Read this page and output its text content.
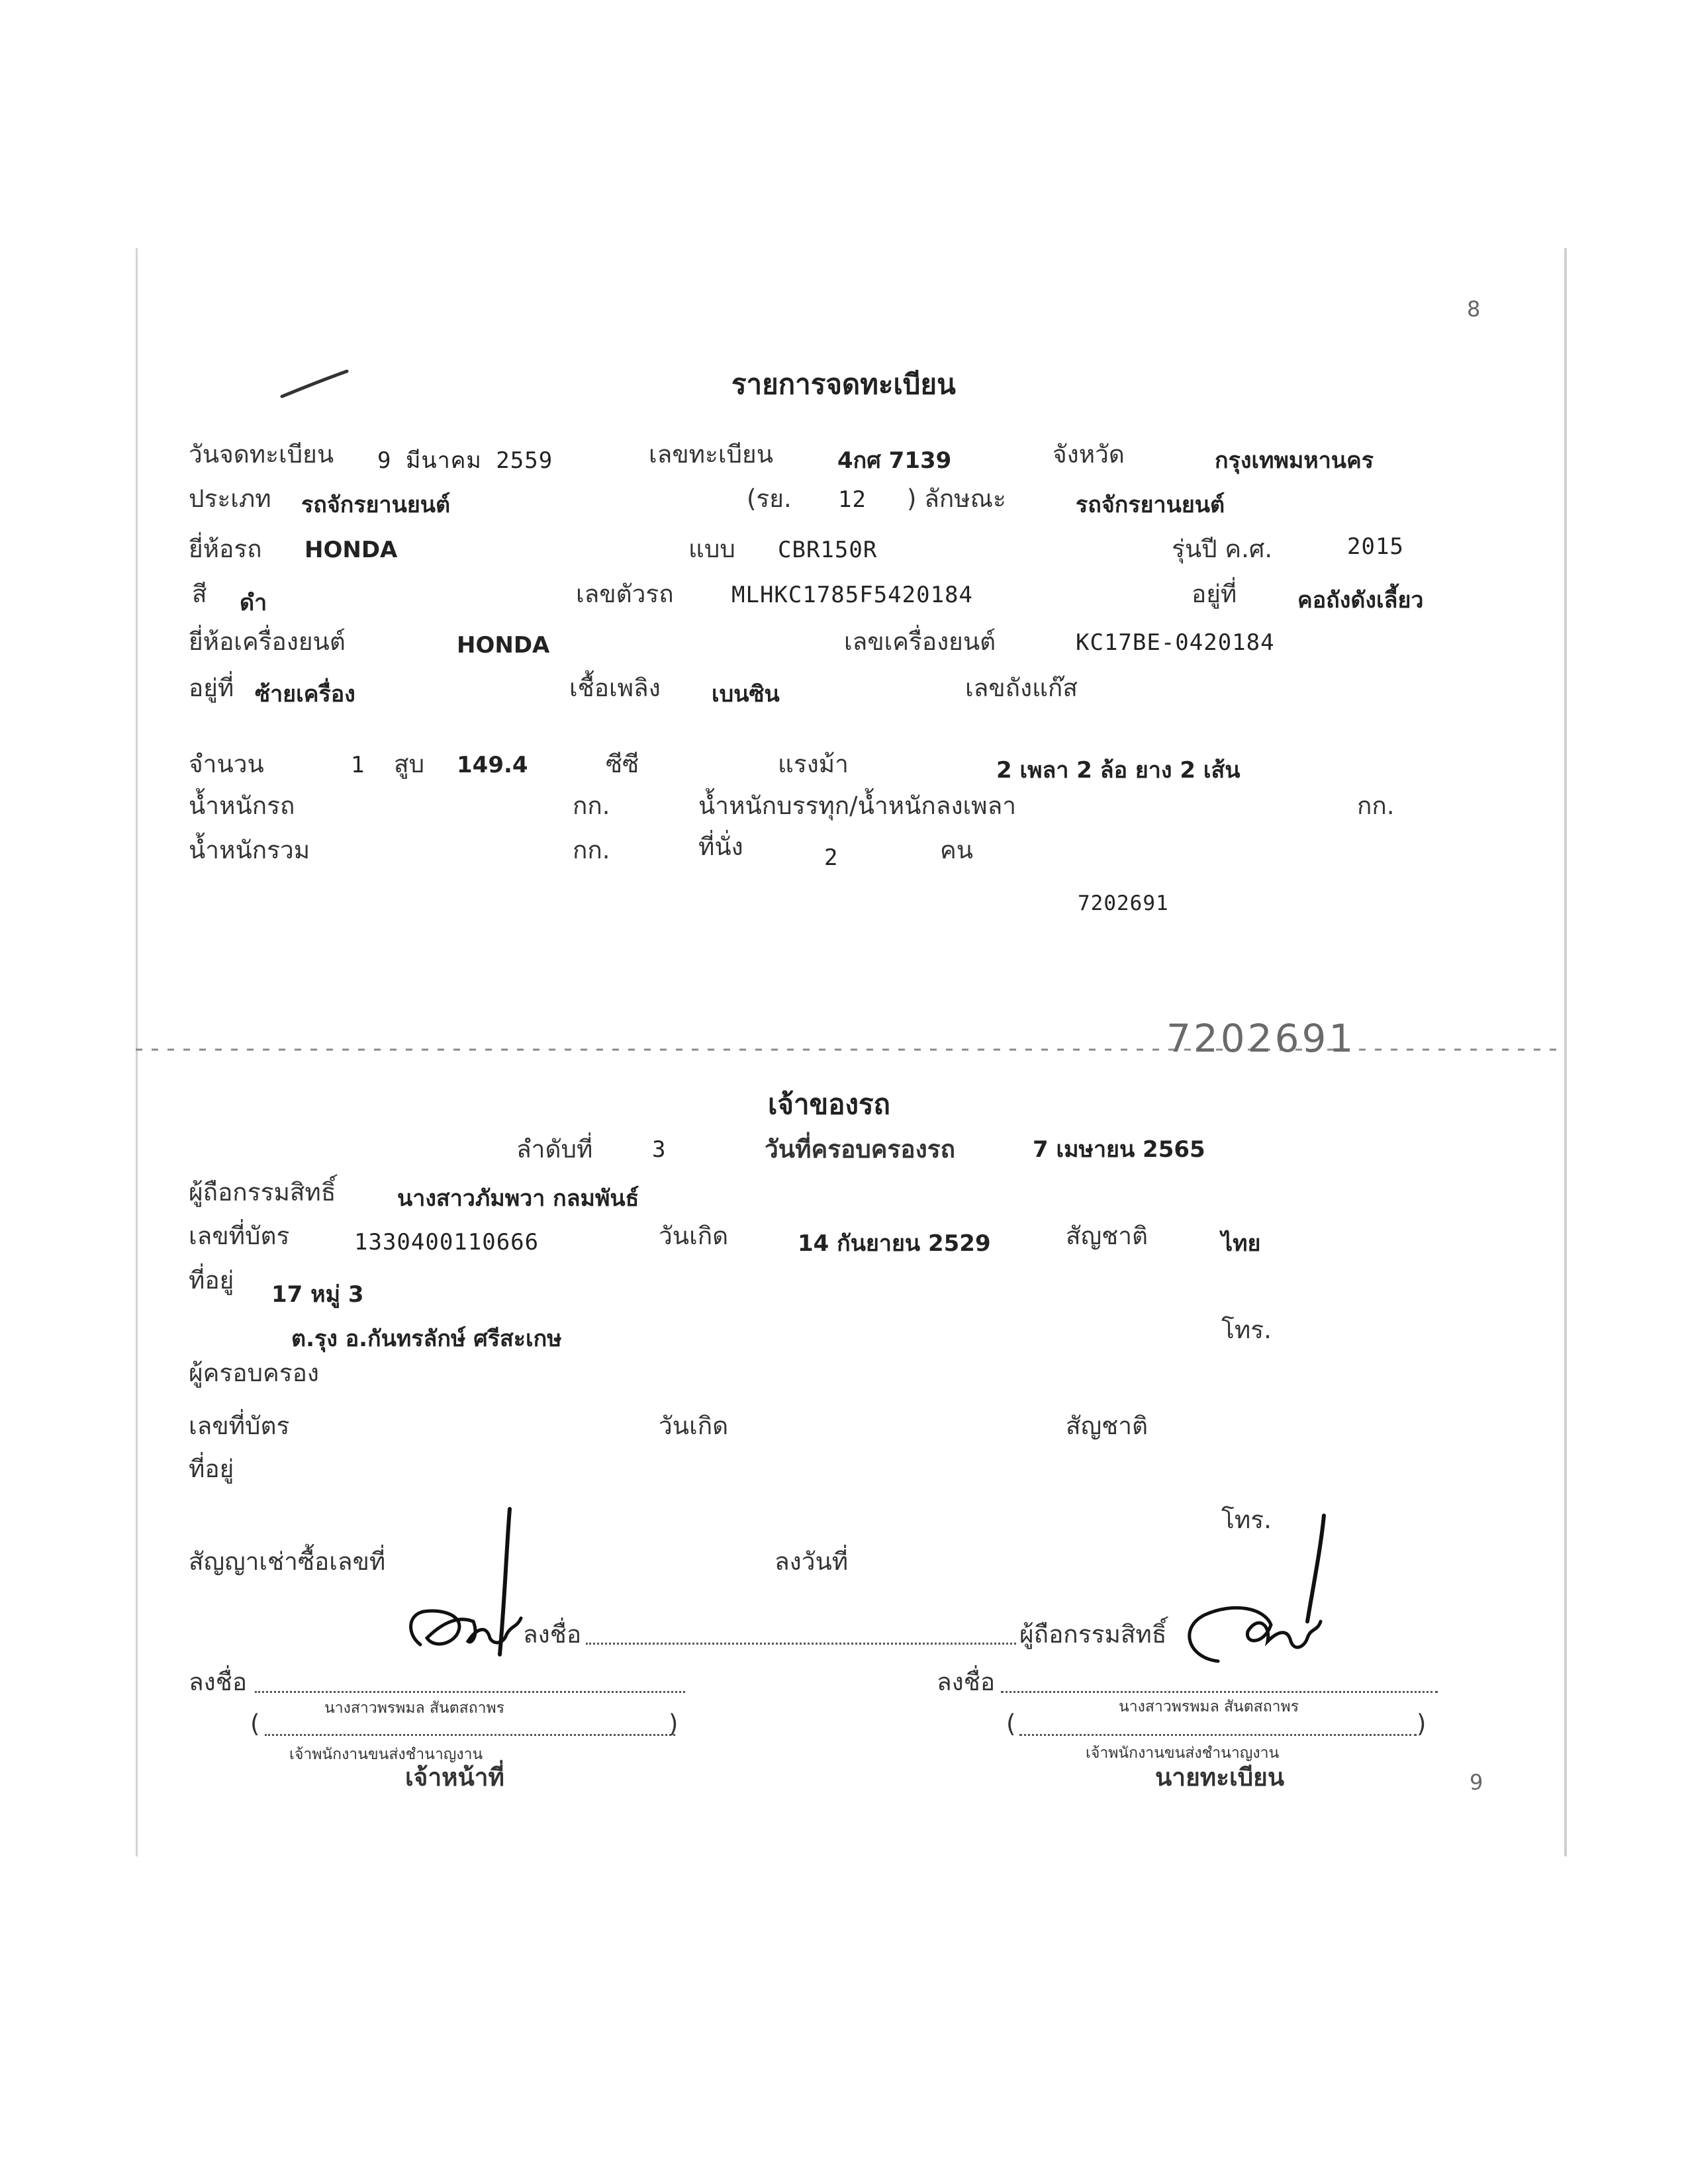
8
9
รายการจดทะเบียน
วันจดทะเบียน 9 มีนาคม 2559	เลขทะเบียน	4กศ 7139	จังหวัด	กรุงเทพมหานคร
ประเภท รถจักรยานยนต์	(รย. 12 ) ลักษณะ	รถจักรยานยนต์
ยี่ห้อรถ HONDA	แบบ CBR150R	รุ่นปี ค.ศ.	2015
สี ดำ	เลขตัวรถ	MLHKC1785F5420184	อยู่ที่	คอถังดังเลี้ยว
ยี่ห้อเครื่องยนต์	HONDA	เลขเครื่องยนต์	KC17BE-0420184
อยู่ที่ ซ้ายเครื่อง	เชื้อเพลิง เบนซิน	เลขถังแก๊ส
จำนวน	1 สูบ 149.4	ซีซี	แรงม้า	2 เพลา 2 ล้อ ยาง 2 เส้น
น้ำหนักรถ	กก.	น้ำหนักบรรทุก/น้ำหนักลงเพลา	กก.
น้ำหนักรวม	กก.	ที่นั่ง	2	คน
7202691
7202691
เจ้าของรถ
ลำดับที่	3	วันที่ครอบครองรถ	7 เมษายน 2565
ผู้ถือกรรมสิทธิ์	นางสาวภัมพวา กลมพันธ์
เลขที่บัตร	1330400110666	วันเกิด	14 กันยายน 2529	สัญชาติ	ไทย
ที่อยู่ 17 หมู่ 3
ต.รุง อ.กันทรลักษ์ ศรีสะเกษ	โทร.
ผู้ครอบครอง
เลขที่บัตร	วันเกิด	สัญชาติ
ที่อยู่
โทร.
สัญญาเช่าซื้อเลขที่	ลงวันที่
ลงชื่อ	ผู้ถือกรรมสิทธิ์
ลงชื่อ
นางสาวพรพมล สันตสถาพร
(	)
เจ้าพนักงานขนส่งชำนาญงาน
เจ้าหน้าที่
ลงชื่อ
นางสาวพรพมล สันตสถาพร
(	)
เจ้าพนักงานขนส่งชำนาญงาน
นายทะเบียน
